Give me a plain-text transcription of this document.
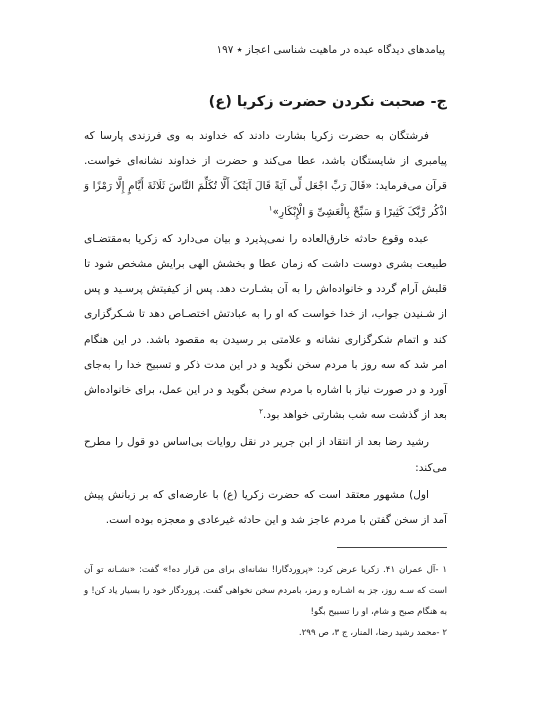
پیامدهای دیدگاه عبده در ماهیت شناسی اعجاز ٭ ۱۹۷
ج- صحبت نکردن حضرت زکریا (ع)

فرشتگان به حضرت زکریا بشارت دادند که خداوند به وی فرزندی پارسا که پیامبری از شایستگان باشد، عطا می‌کند و حضرت از خداوند نشانه‌ای خواست. قرآن می‌فرماید: «قَالَ رَبِّ اجْعَل لِّی آیَةً قَالَ آیَتُکَ أَلَّا تُکَلِّمَ النَّاسَ ثَلَاثَةَ أَیَّامٍ إِلَّا رَمْزًا وَ اذْکُر رَّبَّکَ کَثِیرًا وَ سَبِّحْ بِالْعَشِیِّ وَ الْإِبْکَارِ»$^۱$

عبده وقوع حادثه خارق‌العاده را نمی‌پذیرد و بیان می‌دارد که زکریا به‌مقتضـای طبیعت بشری دوست داشت که زمان عطا و بخشش الهی برایش مشخص شود تا قلبش آرام گردد و خانواده‌اش را به آن بشـارت دهد. پس از کیفیتش پرسـید و پس از شـنیدن جواب، از خدا خواست که او را به عبادتش اختصـاص دهد تا شـکرگزاری کند و اتمام شکرگزاری نشانه و علامتی بر رسیدن به مقصود باشد. در این هنگام امر شد که سه روز با مردم سخن نگوید و در این مدت ذکر و تسبیح خدا را به‌جای آورد و در صورت نیاز با اشاره با مردم سخن بگوید و در این عمل، برای خانواده‌اش بعد از گذشت سه شب بشارتی خواهد بود.$^۲$

رشید رضا بعد از انتقاد از ابن جریر در نقل روایات بی‌اساس دو قول را مطرح می‌کند:

اول) مشهور معتقد است که حضرت زکریا (ع) با عارضه‌ای که بر زبانش پیش آمد از سخن گفتن با مردم عاجز شد و این حادثه غیرعادی و معجزه بوده است.

۱ -آل عمران ۴۱. زکریا عرض کرد: «پروردگارا! نشانه‌ای برای من قرار ده!» گفت: «نشـانه تو آن است که سـه روز، جز به اشـاره و رمز، بامردم سخن نخواهی گفت. پروردگار خود را بسیار یاد کن! و به هنگام صبح و شام، او را تسبیح بگو!

۲ -محمد رشید رضا، المنار، ج ۳، ص ۲۹۹.
